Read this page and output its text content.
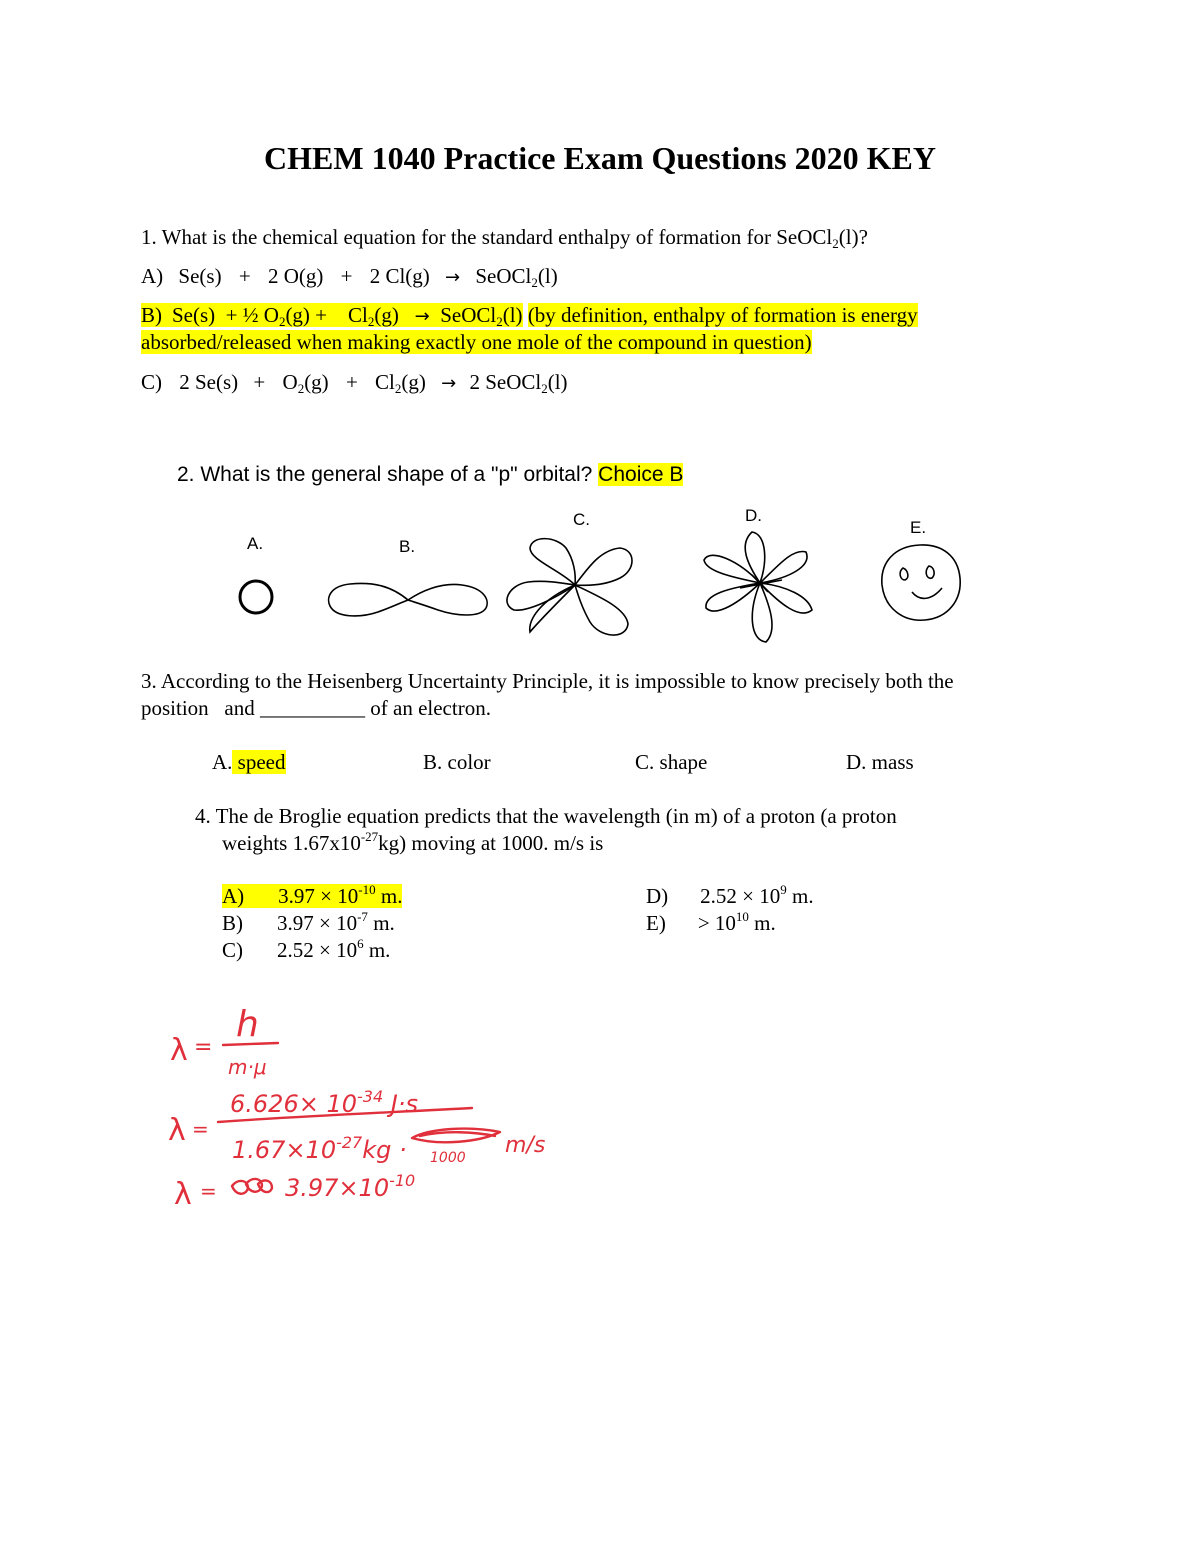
CHEM 1040 Practice Exam Questions 2020 KEY
1. What is the chemical equation for the standard enthalpy of formation for SeOCl$_2$(l)?
A) Se(s) + 2 O(g) + 2 Cl(g) → SeOCl$_2$(l)
B) Se(s) + ½ $O_2(g) + Cl_2(g)$ → SeOCl$_2$(l) (by definition, enthalpy of formation is energy
absorbed/released when making exactly one mole of the compound in question)
C) 2 $Se(s) + O_2(g) + Cl_2(g) \to 2$ SeOCl$_2$(l)
2. What is the general shape of a "p" orbital? Choice B
A.	B.
C.	D.
E.
3. According to the Heisenberg Uncertainty Principle, it is impossible to know precisely both the
position   and __________ of an electron.
A. speed	B. color	C. shape	D. mass
4. The de Broglie equation predicts that the wavelength (in m) of a proton (a proton
weights $1.67x10^{-27}kg$) moving at 1000. m/s is
A) $3.97 \times 10^{-10}$ m.
B) $3.97 \times 10^{-7}$ m.
C) $2.52 \times 10^6$ m.
D) $2.52 \times 10^9$ m.
$E) > 10^{10}$ m.
λ =
h
m·μ
$6.626\times 10^{-34}$ J·s
λ =
$1.67\times 10^{-27}kg \cdot 1000$ m/s
λ =	$3.97\times 10^{-10}$
